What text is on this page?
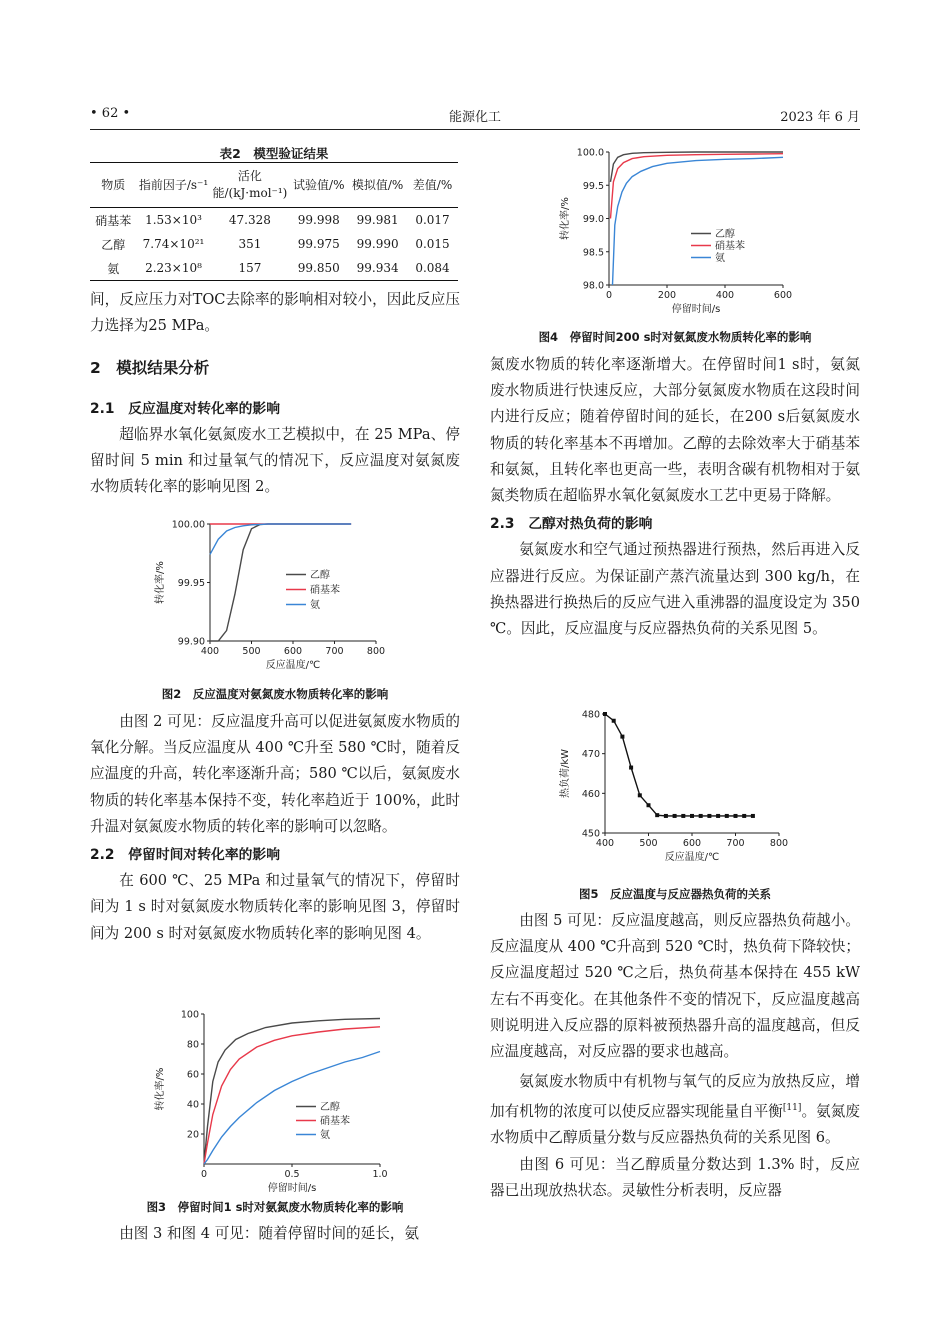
• 62 •	能源化工	2023 年 6 月
表2　模型验证结果
物质	指前因子/s⁻¹	活化能/(kJ·mol⁻¹)	试验值/%	模拟值/%	差值/%
硝基苯	1.53×10³	47.328	99.998	99.981	0.017
乙醇	7.74×10²¹	351	99.975	99.990	0.015
氨	2.23×10⁸	157	99.850	99.934	0.084

间，反应压力对TOC去除率的影响相对较小，因此反应压力选择为25 MPa。

2　模拟结果分析

2.1　反应温度对转化率的影响

超临界水氧化氨氮废水工艺模拟中，在 25 MPa、停留时间 5 min 和过量氧气的情况下，反应温度对氨氮废水物质转化率的影响见图 2。

400 500 600 700 800
99.90
99.95
100.00
反应温度/℃
转化率/%	乙醇
硝基苯
氨
图2　反应温度对氨氮废水物质转化率的影响

由图 2 可见：反应温度升高可以促进氨氮废水物质的氧化分解。当反应温度从 400 ℃升至 580 ℃时，随着反应温度的升高，转化率逐渐升高；580 ℃以后，氨氮废水物质的转化率基本保持不变，转化率趋近于 100%，此时升温对氨氮废水物质的转化率的影响可以忽略。

2.2　停留时间对转化率的影响

在 600 ℃、25 MPa 和过量氧气的情况下，停留时间为 1 s 时对氨氮废水物质转化率的影响见图 3，停留时间为 200 s 时对氨氮废水物质转化率的影响见图 4。

0	0.5	1.0
20
40
60
80
100
停留时间/s
转化率/%	乙醇
硝基苯
氨
图3　停留时间1 s时对氨氮废水物质转化率的影响

由图 3 和图 4 可见：随着停留时间的延长，氨

0	200	400	600
98.0
98.5
99.0
99.5
100.0
停留时间/s
转化率/%	乙醇
硝基苯
氨
图4　停留时间200 s时对氨氮废水物质转化率的影响

氮废水物质的转化率逐渐增大。在停留时间1 s时，氨氮废水物质进行快速反应，大部分氨氮废水物质在这段时间内进行反应；随着停留时间的延长，在200 s后氨氮废水物质的转化率基本不再增加。乙醇的去除效率大于硝基苯和氨氮，且转化率也更高一些，表明含碳有机物相对于氨氮类物质在超临界水氧化氨氮废水工艺中更易于降解。

2.3　乙醇对热负荷的影响

氨氮废水和空气通过预热器进行预热，然后再进入反应器进行反应。为保证副产蒸汽流量达到 300 kg/h，在换热器进行换热后的反应气进入重沸器的温度设定为 350 ℃。因此，反应温度与反应器热负荷的关系见图 5。

400	500	600	700	800
450
460
470
480
反应温度/℃
热负荷/kW
图5　反应温度与反应器热负荷的关系

由图 5 可见：反应温度越高，则反应器热负荷越小。反应温度从 400 ℃升高到 520 ℃时，热负荷下降较快；反应温度超过 520 ℃之后，热负荷基本保持在 455 kW 左右不再变化。在其他条件不变的情况下，反应温度越高则说明进入反应器的原料被预热器升高的温度越高，但反应温度越高，对反应器的要求也越高。

氨氮废水物质中有机物与氧气的反应为放热反应，增加有机物的浓度可以使反应器实现能量自平衡[11]。氨氮废水物质中乙醇质量分数与反应器热负荷的关系见图 6。

由图 6 可见：当乙醇质量分数达到 1.3% 时，反应器已出现放热状态。灵敏性分析表明，反应器
